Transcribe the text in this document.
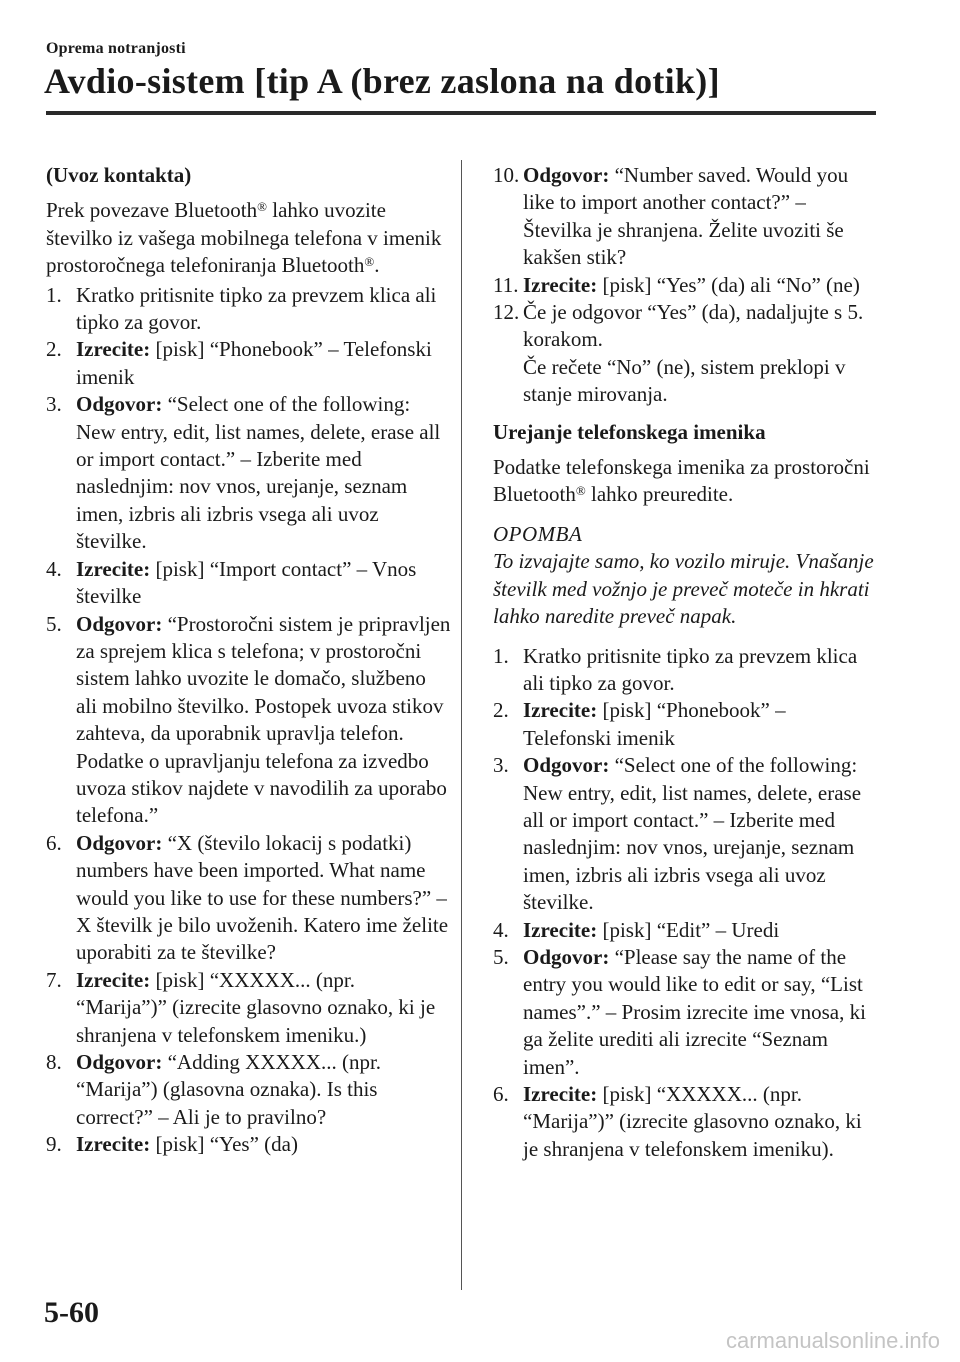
Oprema notranjosti
Avdio-sistem [tip A (brez zaslona na dotik)]

(Uvoz kontakta)

Prek povezave Bluetooth® lahko uvozite številko iz vašega mobilnega telefona v imenik prostoročnega telefoniranja Bluetooth®.

1. Kratko pritisnite tipko za prevzem klica ali tipko za govor.
2. Izrecite: [pisk] “Phonebook” – Telefonski imenik
3. Odgovor: “Select one of the following: New entry, edit, list names, delete, erase all or import contact.” – Izberite med naslednjim: nov vnos, urejanje, seznam imen, izbris ali izbris vsega ali uvoz številke.
4. Izrecite: [pisk] “Import contact” – Vnos številke
5. Odgovor: “Prostoročni sistem je pripravljen za sprejem klica s telefona; v prostoročni sistem lahko uvozite le domačo, službeno ali mobilno številko. Postopek uvoza stikov zahteva, da uporabnik upravlja telefon. Podatke o upravljanju telefona za izvedbo uvoza stikov najdete v navodilih za uporabo telefona.”
6. Odgovor: “X (število lokacij s podatki) numbers have been imported. What name would you like to use for these numbers?” – X številk je bilo uvoženih. Katero ime želite uporabiti za te številke?
7. Izrecite: [pisk] “XXXXX... (npr. “Marija”)” (izrecite glasovno oznako, ki je shranjena v telefonskem imeniku.)
8. Odgovor: “Adding XXXXX... (npr. “Marija”) (glasovna oznaka). Is this correct?” – Ali je to pravilno?
9. Izrecite: [pisk] “Yes” (da)
10. Odgovor: “Number saved. Would you like to import another contact?” – Številka je shranjena. Želite uvoziti še kakšen stik?
11. Izrecite: [pisk] “Yes” (da) ali “No” (ne)
12. Če je odgovor “Yes” (da), nadaljujte s 5. korakom.
Če rečete “No” (ne), sistem preklopi v stanje mirovanja.

Urejanje telefonskega imenika

Podatke telefonskega imenika za prostoročni Bluetooth® lahko preuredite.

OPOMBA

To izvajajte samo, ko vozilo miruje. Vnašanje številk med vožnjo je preveč moteče in hkrati lahko naredite preveč napak.

1. Kratko pritisnite tipko za prevzem klica ali tipko za govor.
2. Izrecite: [pisk] “Phonebook” – Telefonski imenik
3. Odgovor: “Select one of the following: New entry, edit, list names, delete, erase all or import contact.” – Izberite med naslednjim: nov vnos, urejanje, seznam imen, izbris ali izbris vsega ali uvoz številke.
4. Izrecite: [pisk] “Edit” – Uredi
5. Odgovor: “Please say the name of the entry you would like to edit or say, “List names”.” – Prosim izrecite ime vnosa, ki ga želite urediti ali izrecite “Seznam imen”.
6. Izrecite: [pisk] “XXXXX... (npr. “Marija”)” (izrecite glasovno oznako, ki je shranjena v telefonskem imeniku).
5-60
carmanualsonline.info
